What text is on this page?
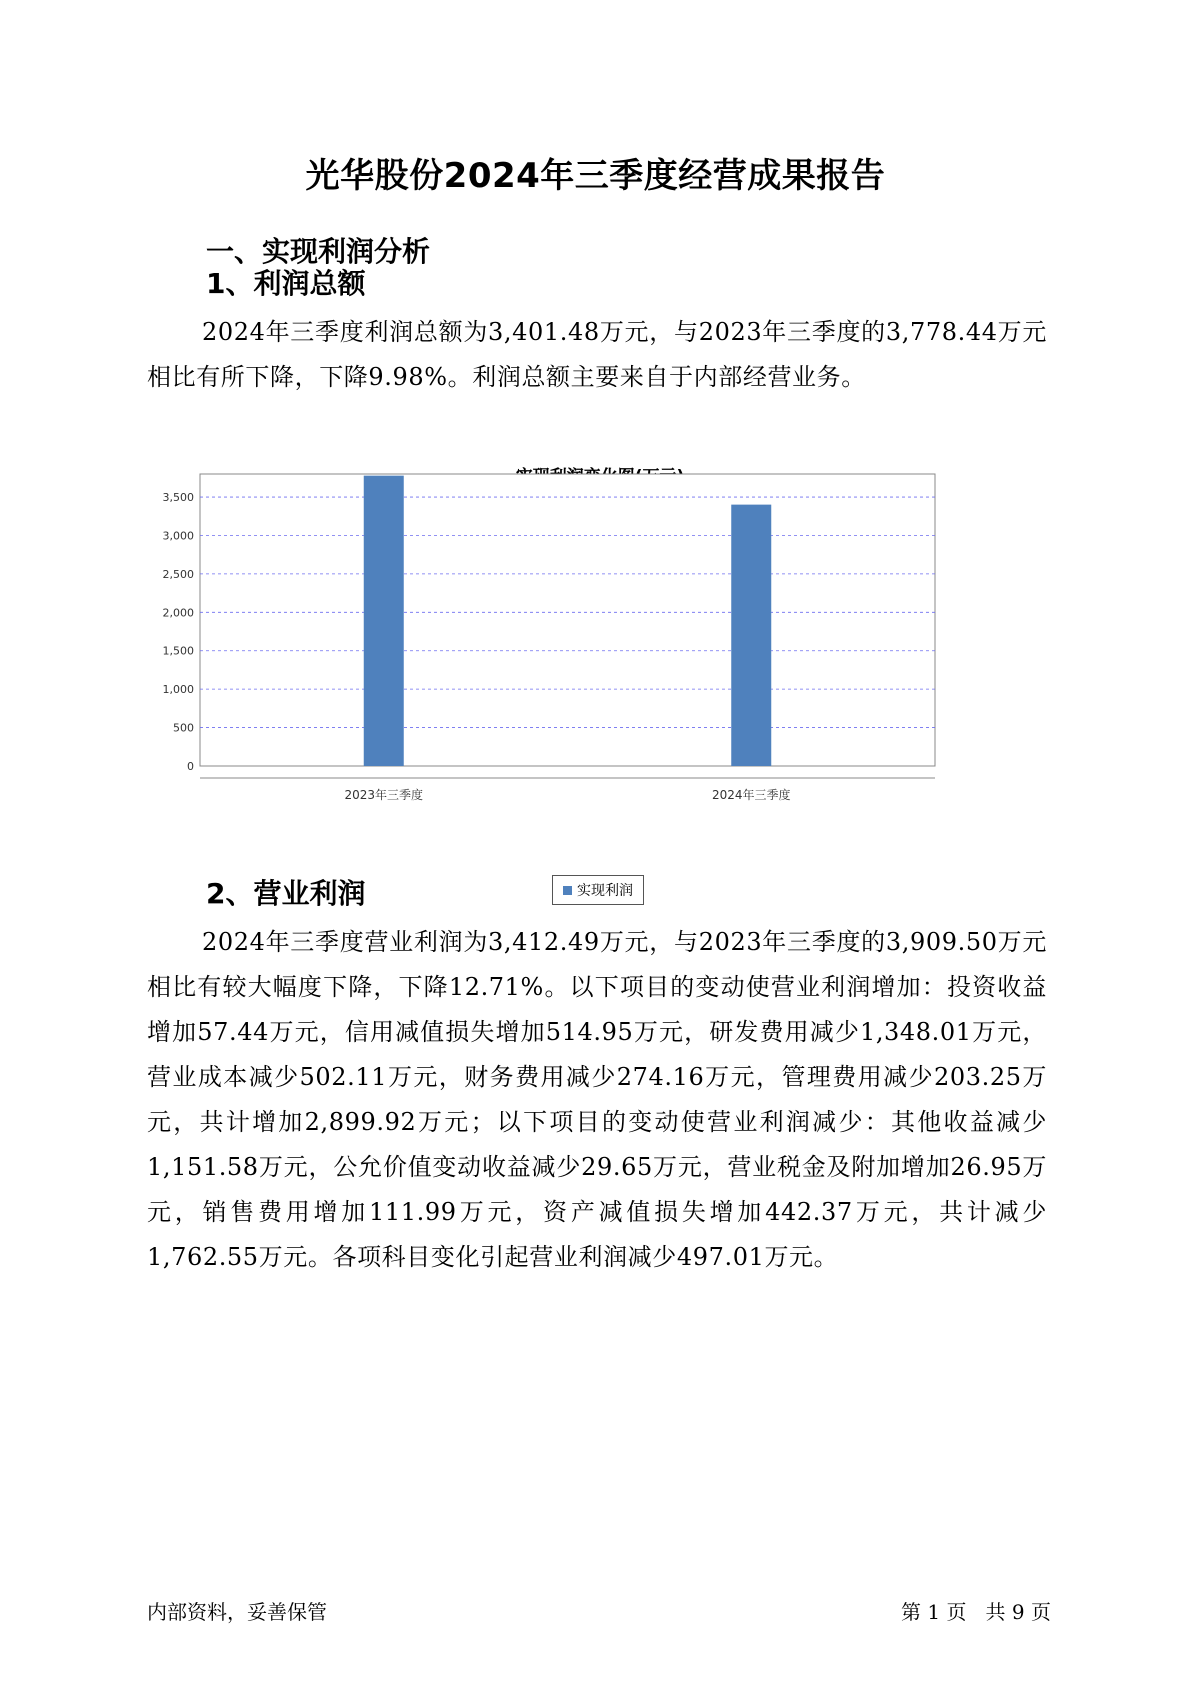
光华股份2024年三季度经营成果报告
一、实现利润分析
1、利润总额
2024年三季度利润总额为3,401.48万元，与2023年三季度的3,778.44万元相比有所下降，下降9.98%。利润总额主要来自于内部经营业务。
0
500
1,000
1,500
2,000
2,500
3,000
3,500
2023年三季度	2024年三季度
实现利润
2、营业利润
2024年三季度营业利润为3,412.49万元，与2023年三季度的3,909.50万元相比有较大幅度下降，下降12.71%。以下项目的变动使营业利润增加：投资收益增加57.44万元，信用减值损失增加514.95万元，研发费用减少1,348.01万元，营业成本减少502.11万元，财务费用减少274.16万元，管理费用减少203.25万元，共计增加2,899.92万元；以下项目的变动使营业利润减少：其他收益减少1,151.58万元，公允价值变动收益减少29.65万元，营业税金及附加增加26.95万元，销售费用增加111.99万元，资产减值损失增加442.37万元，共计减少1,762.55万元。各项科目变化引起营业利润减少497.01万元。
内部资料，妥善保管	第 1 页   共 9 页
